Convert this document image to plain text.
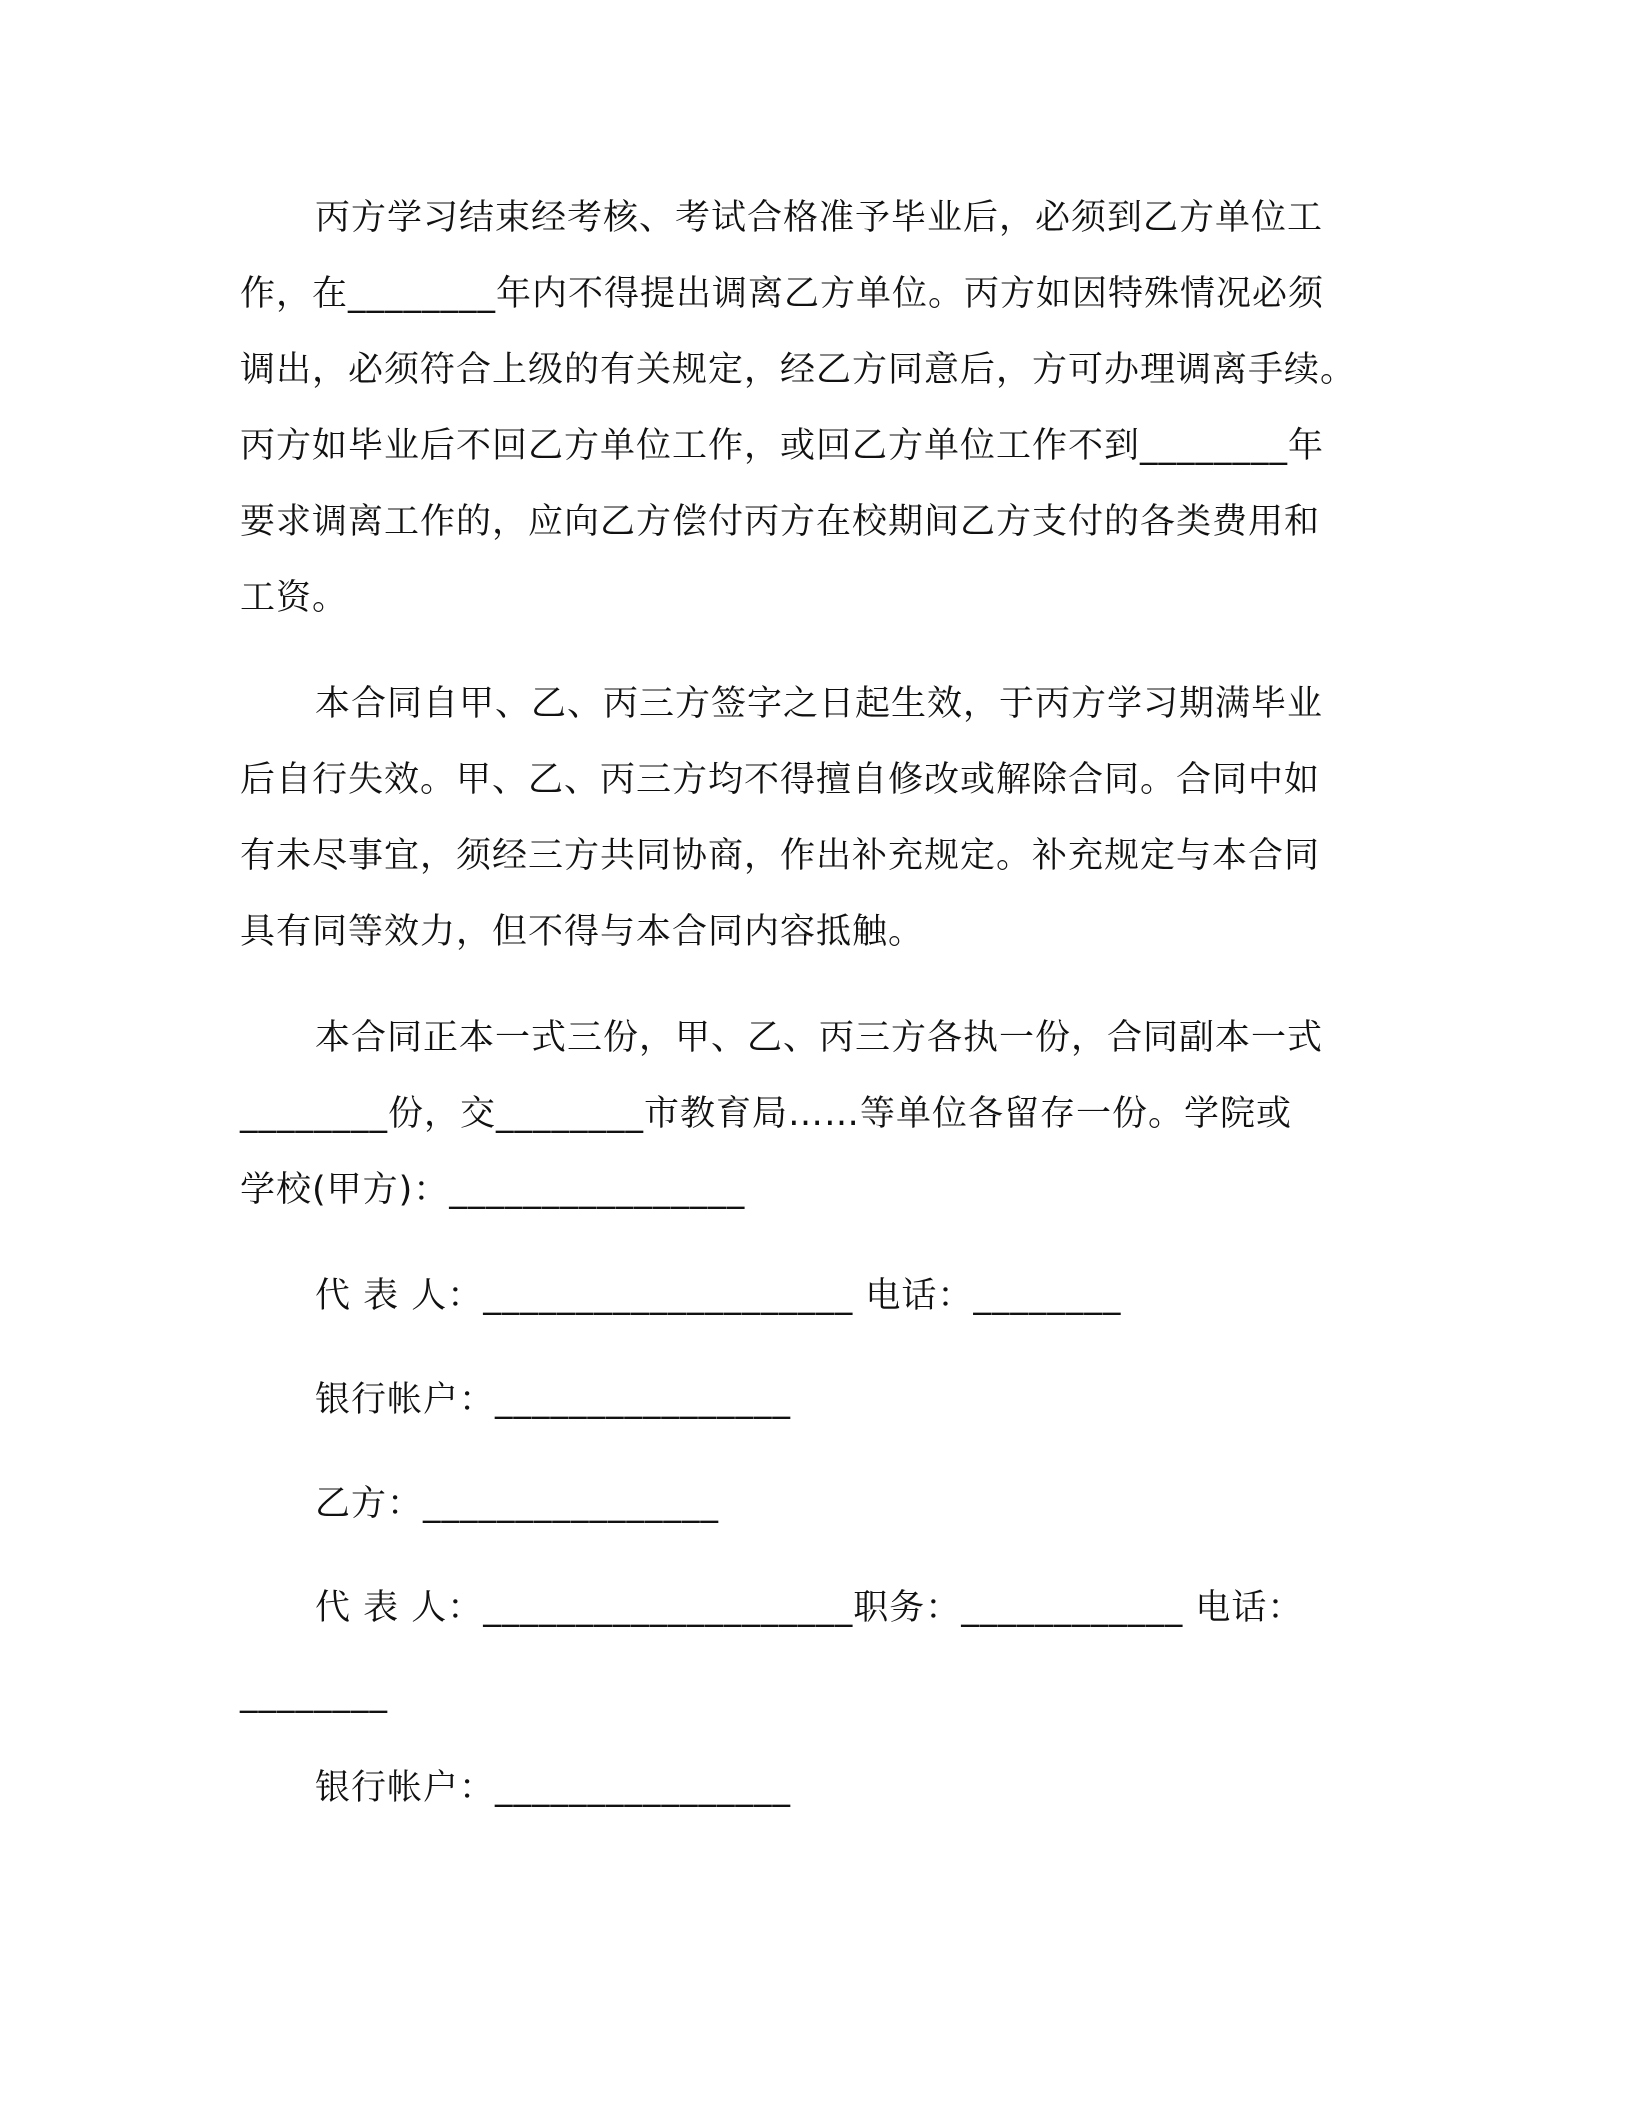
丙方学习结束经考核、考试合格准予毕业后，必须到乙方单位工
作，在________年内不得提出调离乙方单位。丙方如因特殊情况必须
调出，必须符合上级的有关规定，经乙方同意后，方可办理调离手续。
丙方如毕业后不回乙方单位工作，或回乙方单位工作不到________年
要求调离工作的，应向乙方偿付丙方在校期间乙方支付的各类费用和
工资。
本合同自甲、乙、丙三方签字之日起生效，于丙方学习期满毕业
后自行失效。甲、乙、丙三方均不得擅自修改或解除合同。合同中如
有未尽事宜，须经三方共同协商，作出补充规定。补充规定与本合同
具有同等效力，但不得与本合同内容抵触。
本合同正本一式三份，甲、乙、丙三方各执一份，合同副本一式
________份，交________市教育局……等单位各留存一份。学院或
学校(甲方)：________________
代 表 人：____________________ 电话：________
银行帐户：________________
乙方：________________
代 表 人：____________________职务：____________ 电话：
________
银行帐户：________________
